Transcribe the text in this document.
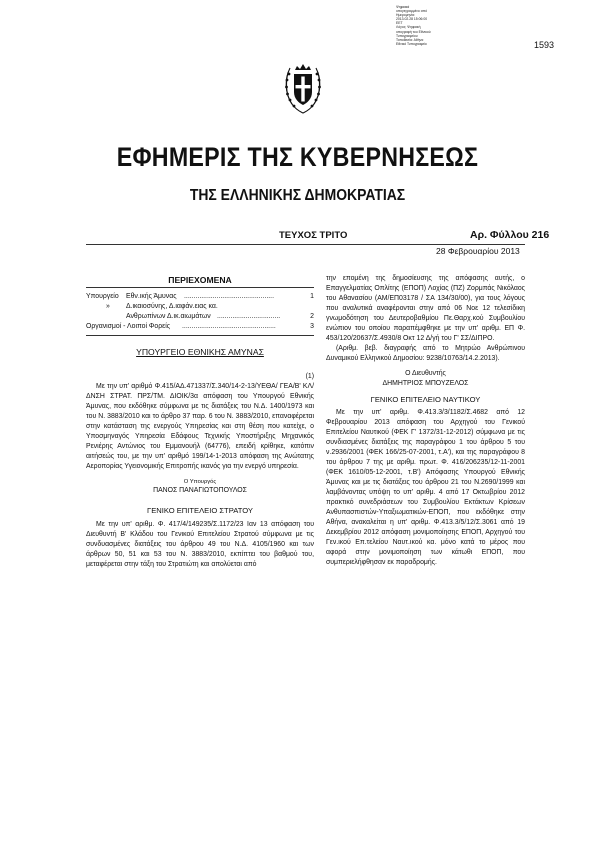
Ψηφιακά
υπογεγραμμένο από
Ημερομηνία:
2013.02.28 15:06:00
EET
Λόγος: Ψηφιακή
υπογραφή του Εθνικού
Τυπογραφείου
Τοποθεσία: Αθήνα
Εθνικό Τυπογραφείο	1593
ΕΦΗΜΕΡΙΣ ΤΗΣ ΚΥΒΕΡΝΗΣΕΩΣ
ΤΗΣ ΕΛΛΗΝΙΚΗΣ ΔΗΜΟΚΡΑΤΙΑΣ
ΤΕΥΧΟΣ ΤΡΙΤΟ	Αρ. Φύλλου 216
28 Φεβρουαρίου 2013
ΠΕΡΙΕΧΟΜΕΝΑ
Υπουργείο Εθν.ικής Άμυνας ...............................................	1
» Δ.ικαιοσύνης, Δ.ιαφάν.ειας κα.
Ανθρωπίνων Δ.ικ.αιωμάτων .................................	2
Οργανισμοί - Λοιποί Φορείς .................................................	3
ΥΠΟΥΡΓΕΙΟ ΕΘΝΙΚΗΣ ΑΜΥΝΑΣ

(1)

Με την υπ' αριθμό Φ.415/ΑΔ.471337/Σ.340/14-2-13/ΥΕΘΑ/ ΓΕΑ/Β' ΚΛ/ΔΝΣΗ ΣΤΡΑΤ. ΠΡΣ/ΤΜ. ΔΙΟΙΚ/3α απόφαση του Υπουργού Εθνικής Άμυνας, που εκδόθηκε σύμφωνα με τις διατάξεις του Ν.Δ. 1400/1973 και του Ν. 3883/2010 και το άρθρο 37 παρ. 6 του Ν. 3883/2010, επαναφέρεται στην κατάσταση της ενεργούς Υπηρεσίας και στη θέση που κατείχε, ο Υποσμηναγός Υπηρεσία Εδάφους Τεχνικής Υποστήριξης Μηχανικός Ρενιέρης Αντώνιος του Εμμανουήλ (64776), επειδή κρίθηκε, κατόπιν αιτήσεώς του, με την υπ' αριθμό 199/14-1-2013 απόφαση της Ανώτατης Αεροπορίας Υγειονομικής Επιτροπής ικανός για την ενεργό υπηρεσία.

Ο Υπουργός

ΠΑΝΟΣ ΠΑΝΑΓΙΩΤΟΠΟΥΛΟΣ

ΓΕΝΙΚΟ ΕΠΙΤΕΛΕΙΟ ΣΤΡΑΤΟΥ

Με την υπ' αριθμ. Φ. 417/4/149235/Σ.1172/23 Ιαν 13 απόφαση του Διευθυντή Β' Κλάδου του Γενικού Επιτελείου Στρατού σύμφωνα με τις συνδυασμένες διατάξεις του άρθρου 49 του Ν.Δ. 4105/1960 και των άρθρων 50, 51 και 53 του Ν. 3883/2010, εκπίπτει του βαθμού του, μεταφέρεται στην τάξη του Στρατιώτη και απολύεται από

την επομένη της δημοσίευσης της απόφασης αυτής, ο Επαγγελματίας Οπλίτης (ΕΠΟΠ) Λοχίας (ΠΖ) Ζορμπάς Νικόλαος του Αθανασίου (ΑΜ/ΕΠ03178 / ΣΑ 134/30/00), για τους λόγους που αναλυτικά αναφέρονται στην από 06 Νοε 12 τελεσίδικη γνωμοδότηση του Δευτεροβαθμίου Πε.Θαρχ.κού Συμβουλίου ενώπιον του οποίου παραπέμφθηκε με την υπ' αριθμ. ΕΠ Φ. 453/120/20637/Σ.4930/8 Οκτ 12 Δ/γή του Γ' ΣΣ/ΔΙΠΡΟ.

(Αριθμ. βεβ. διαγραφής από το Μητρώο Ανθρώπινου Δυναμικού Ελληνικού Δημοσίου: 9238/10763/14.2.2013).

Ο Διευθυντής

ΔΗΜΗΤΡΙΟΣ ΜΠΟΥΖΕΛΟΣ

ΓΕΝΙΚΟ ΕΠΙΤΕΛΕΙΟ ΝΑΥΤΙΚΟΥ

Με την υπ' αριθμ. Φ.413.3/3/1182/Σ.4682 από 12 Φεβρουαρίου 2013 απόφαση του Αρχηγού του Γενικού Επιτελείου Ναυτικού (ΦΕΚ Γ' 1372/31-12-2012) σύμφωνα με τις συνδιασμένες διατάξεις της παραγράφου 1 του άρθρου 5 του ν.2936/2001 (ΦΕΚ 166/25-07-2001, τ.Α'), και της παραγράφου 8 του άρθρου 7 της με αριθμ. πρωτ. Φ. 416/206235/12-11-2001 (ΦΕΚ 1610/05-12-2001, τ.Β') Απόφασης Υπουργού Εθνικής Άμυνας και με τις διατάξεις του άρθρου 21 του Ν.2690/1999 και λαμβάνοντας υπόψη το υπ' αριθμ. 4 από 17 Οκτωβρίου 2012 πρακτικό συνεδριάσεων του Συμβουλίου Εκτάκτων Κρίσεων Ανθυπασπιστών-Υπαξιωματικών-ΕΠΟΠ, που εκδόθηκε στην Αθήνα, ανακαλείται η υπ' αριθμ. Φ.413.3/5/12/Σ.3061 από 19 Δεκεμβρίου 2012 απόφαση μονιμοποίησης ΕΠΟΠ, Αρχηγού του Γεν.ικού Επ.τελείου Ναυτ.ικού κα. μόνο κατά το μέρος που αφορά στην μονιμοποίηση των κάτωθι ΕΠΟΠ, που συμπεριελήφθησαν εκ παραδρομής.
